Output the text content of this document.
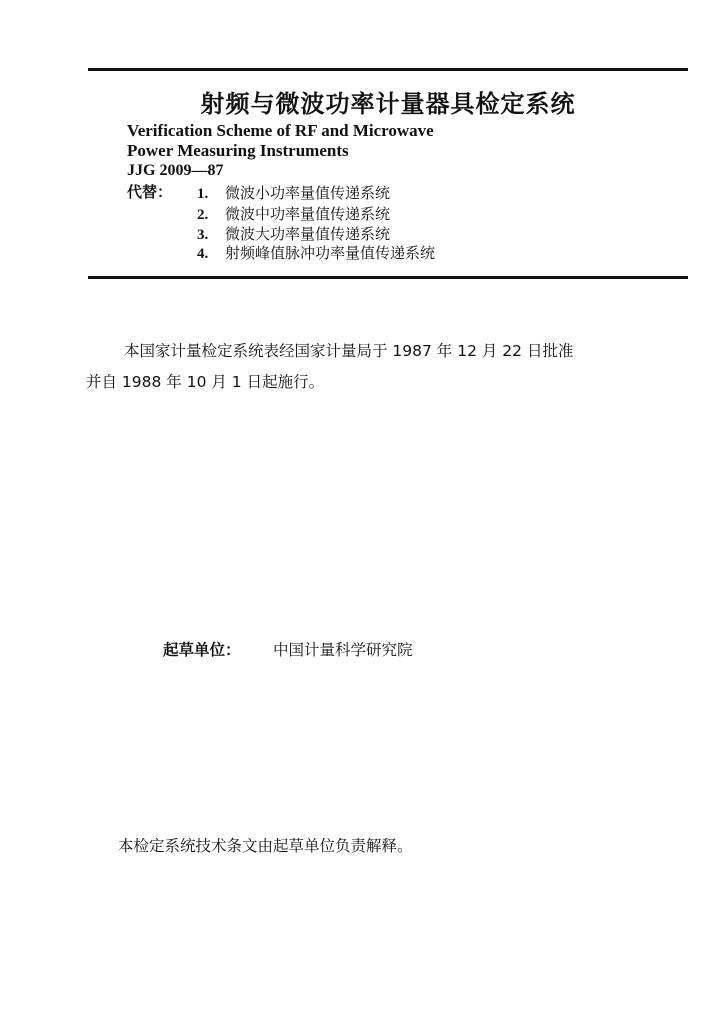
射频与微波功率计量器具检定系统
Verification Scheme of RF and Microwave
Power Measuring Instruments
JJG 2009—87
代替： 1. 微波小功率量值传递系统
2. 微波中功率量值传递系统
3. 微波大功率量值传递系统
4. 射频峰值脉冲功率量值传递系统
本国家计量检定系统表经国家计量局于 1987 年 12 月 22 日批准
并自 1988 年 10 月 1 日起施行。
起草单位： 中国计量科学研究院
本检定系统技术条文由起草单位负责解释。
